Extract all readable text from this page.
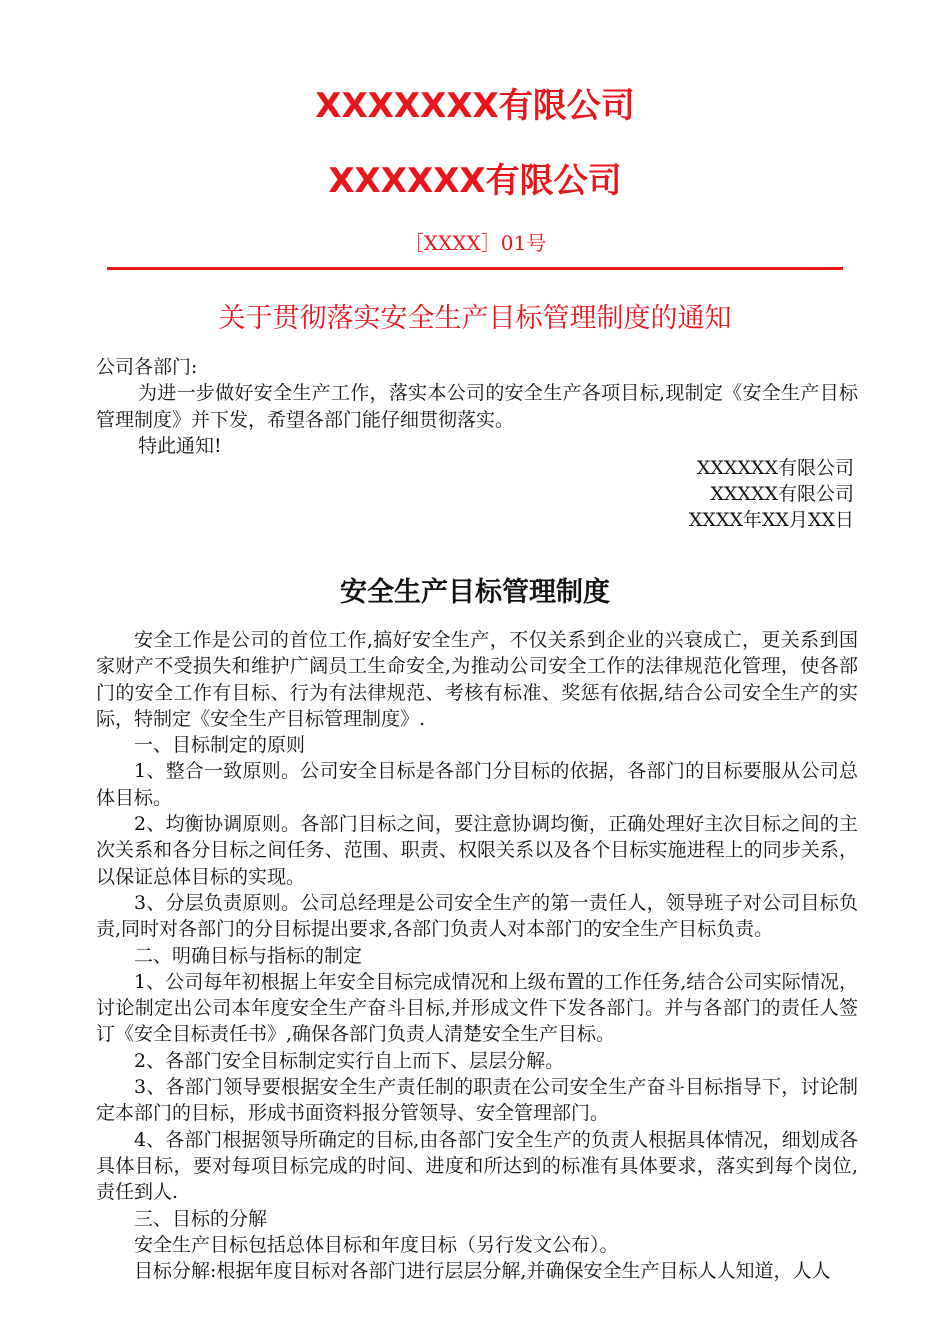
XXXXXXX有限公司
XXXXXX有限公司
［XXXX］01号
关于贯彻落实安全生产目标管理制度的通知
公司各部门:

为进一步做好安全生产工作，落实本公司的安全生产各项目标,现制定《安全生产目标管理制度》并下发，希望各部门能仔细贯彻落实。

特此通知!
XXXXXX有限公司
XXXXX有限公司
XXXX年XX月XX日
安全生产目标管理制度

安全工作是公司的首位工作,搞好安全生产，不仅关系到企业的兴衰成亡，更关系到国家财产不受损失和维护广阔员工生命安全,为推动公司安全工作的法律规范化管理，使各部门的安全工作有目标、行为有法律规范、考核有标准、奖惩有依据,结合公司安全生产的实际，特制定《安全生产目标管理制度》.

一、目标制定的原则

1、整合一致原则。公司安全目标是各部门分目标的依据，各部门的目标要服从公司总体目标。

2、均衡协调原则。各部门目标之间，要注意协调均衡，正确处理好主次目标之间的主次关系和各分目标之间任务、范围、职责、权限关系以及各个目标实施进程上的同步关系，以保证总体目标的实现。

3、分层负责原则。公司总经理是公司安全生产的第一责任人，领导班子对公司目标负责,同时对各部门的分目标提出要求,各部门负责人对本部门的安全生产目标负责。

二、明确目标与指标的制定

1、公司每年初根据上年安全目标完成情况和上级布置的工作任务,结合公司实际情况，讨论制定出公司本年度安全生产奋斗目标,并形成文件下发各部门。并与各部门的责任人签订《安全目标责任书》,确保各部门负责人清楚安全生产目标。

2、各部门安全目标制定实行自上而下、层层分解。

3、各部门领导要根据安全生产责任制的职责在公司安全生产奋斗目标指导下，讨论制定本部门的目标，形成书面资料报分管领导、安全管理部门。

4、各部门根据领导所确定的目标,由各部门安全生产的负责人根据具体情况，细划成各具体目标，要对每项目标完成的时间、进度和所达到的标准有具体要求，落实到每个岗位,责任到人.

三、目标的分解

安全生产目标包括总体目标和年度目标（另行发文公布）。

目标分解:根据年度目标对各部门进行层层分解,并确保安全生产目标人人知道，人人
